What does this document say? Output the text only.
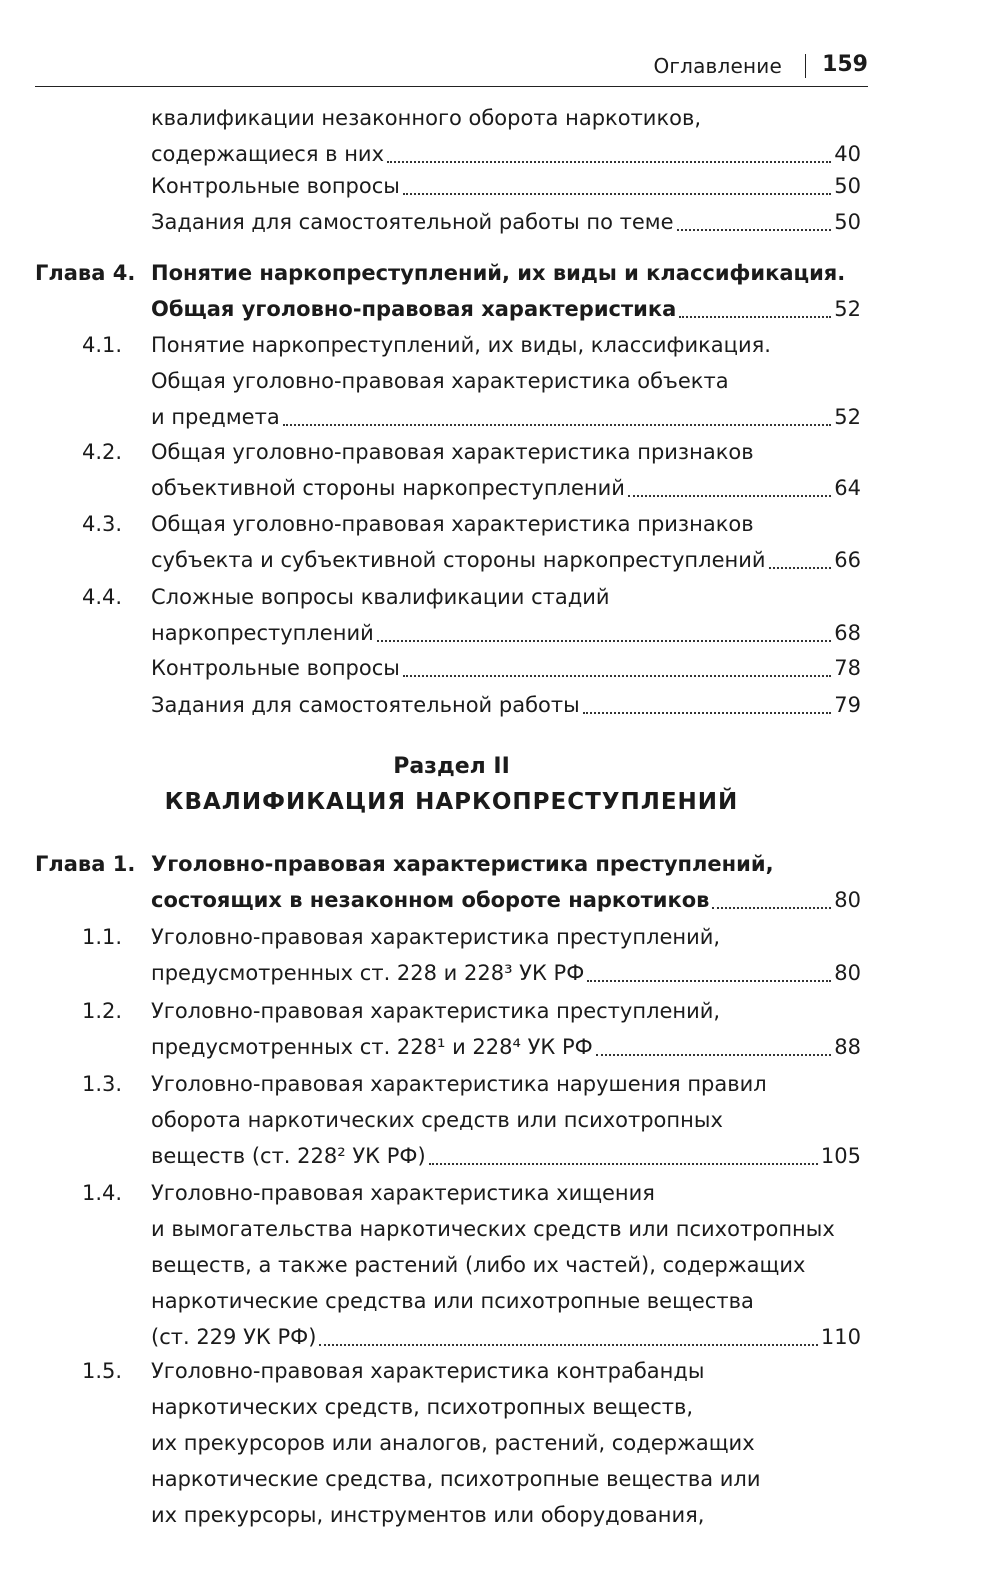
Оглавление 159
квалификации незаконного оборота наркотиков,
содержащиеся в них	40
Контрольные вопросы	50
Задания для самостоятельной работы по теме	50
Глава 4. Понятие наркопреступлений, их виды и классификация.
Общая уголовно-правовая характеристика	52
4.1. Понятие наркопреступлений, их виды, классификация.
Общая уголовно-правовая характеристика объекта
и предмета	52
4.2. Общая уголовно-правовая характеристика признаков
объективной стороны наркопреступлений	64
4.3. Общая уголовно-правовая характеристика признаков
субъекта и субъективной стороны наркопреступлений	66
4.4. Сложные вопросы квалификации стадий
наркопреступлений	68
Контрольные вопросы	78
Задания для самостоятельной работы	79
Раздел II
КВАЛИФИКАЦИЯ НАРКОПРЕСТУПЛЕНИЙ
Глава 1. Уголовно-правовая характеристика преступлений,
состоящих в незаконном обороте наркотиков	80
1.1. Уголовно-правовая характеристика преступлений,
предусмотренных ст. 228 и 228³ УК РФ	80
1.2. Уголовно-правовая характеристика преступлений,
предусмотренных ст. 228¹ и 228⁴ УК РФ	88
1.3. Уголовно-правовая характеристика нарушения правил
оборота наркотических средств или психотропных
веществ (ст. 228² УК РФ)	105
1.4. Уголовно-правовая характеристика хищения
и вымогательства наркотических средств или психотропных
веществ, а также растений (либо их частей), содержащих
наркотические средства или психотропные вещества
(ст. 229 УК РФ)	110
1.5. Уголовно-правовая характеристика контрабанды
наркотических средств, психотропных веществ,
их прекурсоров или аналогов, растений, содержащих
наркотические средства, психотропные вещества или
их прекурсоры, инструментов или оборудования,
